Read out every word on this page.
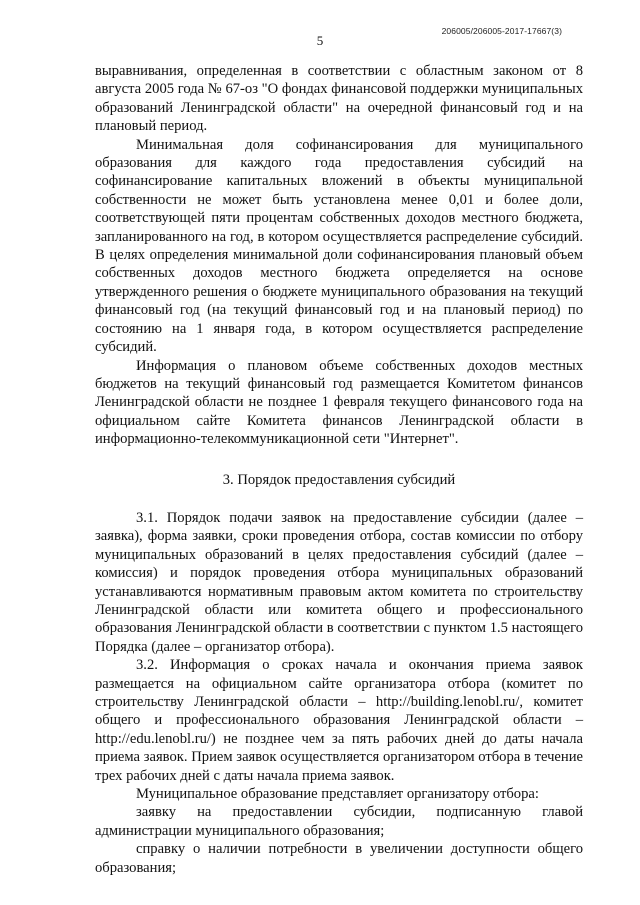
206005/206005-2017-17667(3)
5

выравнивания, определенная в соответствии с областным законом от 8 августа 2005 года № 67-оз "О фондах финансовой поддержки муниципальных образований Ленинградской области" на очередной финансовый год и на плановый период.

Минимальная доля софинансирования для муниципального образования для каждого года предоставления субсидий на софинансирование капитальных вложений в объекты муниципальной собственности не может быть установлена менее 0,01 и более доли, соответствующей пяти процентам собственных доходов местного бюджета, запланированного на год, в котором осуществляется распределение субсидий. В целях определения минимальной доли софинансирования плановый объем собственных доходов местного бюджета определяется на основе утвержденного решения о бюджете муниципального образования на текущий финансовый год (на текущий финансовый год и на плановый период) по состоянию на 1 января года, в котором осуществляется распределение субсидий.

Информация о плановом объеме собственных доходов местных бюджетов на текущий финансовый год размещается Комитетом финансов Ленинградской области не позднее 1 февраля текущего финансового года на официальном сайте Комитета финансов Ленинградской области в информационно-телекоммуникационной сети "Интернет".

3. Порядок предоставления субсидий

3.1. Порядок подачи заявок на предоставление субсидии (далее – заявка), форма заявки, сроки проведения отбора, состав комиссии по отбору муниципальных образований в целях предоставления субсидий (далее – комиссия) и порядок проведения отбора муниципальных образований устанавливаются нормативным правовым актом комитета по строительству Ленинградской области или комитета общего и профессионального образования Ленинградской области в соответствии с пунктом 1.5 настоящего Порядка (далее – организатор отбора).

3.2. Информация о сроках начала и окончания приема заявок размещается на официальном сайте организатора отбора (комитет по строительству Ленинградской области – http://building.lenobl.ru/, комитет общего и профессионального образования Ленинградской области – http://edu.lenobl.ru/) не позднее чем за пять рабочих дней до даты начала приема заявок. Прием заявок осуществляется организатором отбора в течение трех рабочих дней с даты начала приема заявок.

Муниципальное образование представляет организатору отбора:

заявку на предоставлении субсидии, подписанную главой администрации муниципального образования;

справку о наличии потребности в увеличении доступности общего образования;
